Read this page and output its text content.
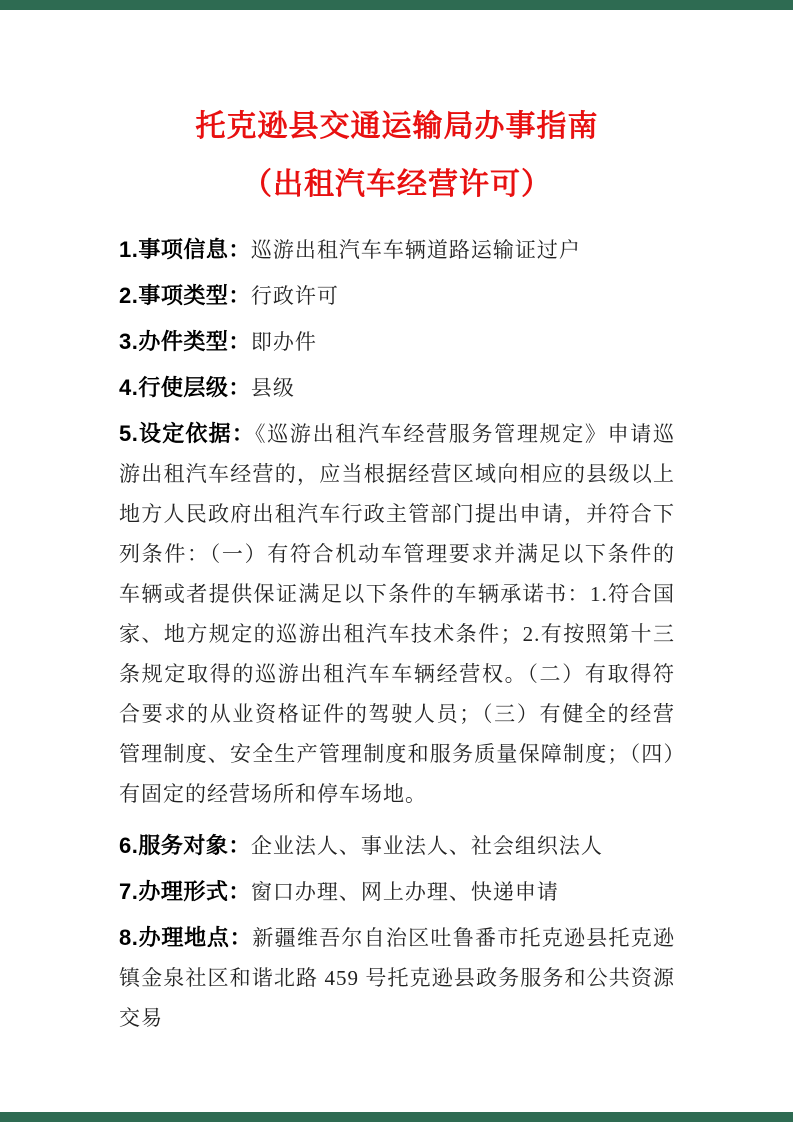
托克逊县交通运输局办事指南
（出租汽车经营许可）

1.事项信息：巡游出租汽车车辆道路运输证过户

2.事项类型：行政许可

3.办件类型：即办件

4.行使层级：县级

5.设定依据：《巡游出租汽车经营服务管理规定》申请巡游出租汽车经营的，应当根据经营区域向相应的县级以上地方人民政府出租汽车行政主管部门提出申请，并符合下列条件：（一）有符合机动车管理要求并满足以下条件的车辆或者提供保证满足以下条件的车辆承诺书：1.符合国家、地方规定的巡游出租汽车技术条件；2.有按照第十三条规定取得的巡游出租汽车车辆经营权。（二）有取得符合要求的从业资格证件的驾驶人员；（三）有健全的经营管理制度、安全生产管理制度和服务质量保障制度；（四）有固定的经营场所和停车场地。

6.服务对象：企业法人、事业法人、社会组织法人

7.办理形式：窗口办理、网上办理、快递申请

8.办理地点：新疆维吾尔自治区吐鲁番市托克逊县托克逊镇金泉社区和谐北路 459 号托克逊县政务服务和公共资源交易
